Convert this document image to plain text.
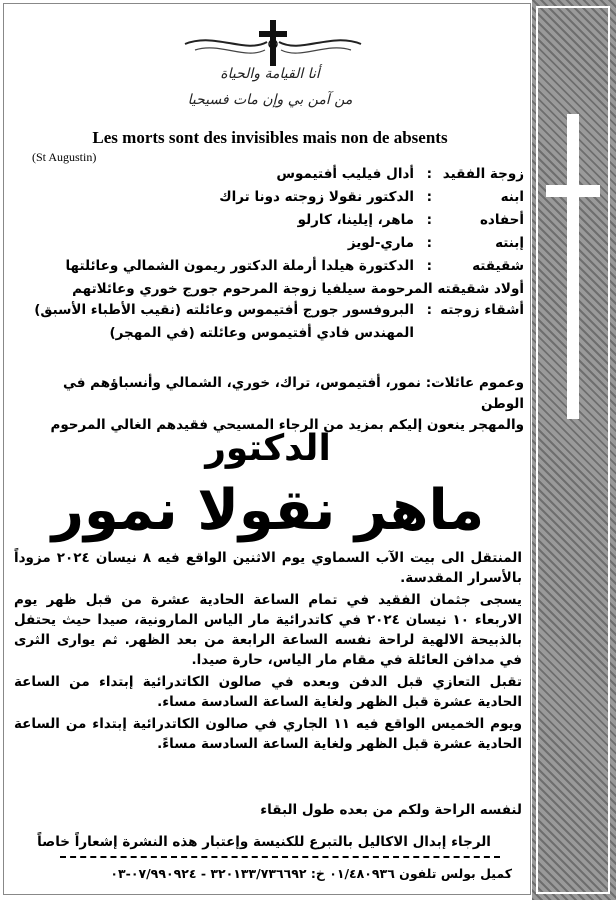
أنا القيامة والحياة
من آمن بي وإن مات فسيحيا
Les morts sont des invisibles mais non de absents
(St Augustin)
زوجة الفقيد
:
أدال فيليب أفتيموس
ابنه
:
الدكتور نقولا زوجته دونا تراك
أحفاده
:
ماهر، إيلينا، كارلو
إبنته
:
ماري-لويز
شقيقته
:
الدكتورة هيلدا أرملة الدكتور ريمون الشمالي وعائلتها
أولاد شقيقته المرحومة سيلفيا زوجة المرحوم جورج خوري وعائلاتهم
أشقاء زوجته
:
البروفسور جورج أفتيموس وعائلته (نقيب الأطباء الأسبق)
المهندس فادي أفتيموس وعائلته (في المهجر)
وعموم عائلات: نمور، أفتيموس، تراك، خوري، الشمالي وأنسباؤهم في الوطن
والمهجر ينعون إليكم بمزيد من الرجاء المسيحي فقيدهم الغالي المرحوم
الدكتور
ماهر نقولا نمور

المنتقل الى بيت الآب السماوي يوم الاثنين الواقع فيه ٨ نيسان ٢٠٢٤ مزوداً بالأسرار المقدسة.

يسجى جثمان الفقيد في تمام الساعة الحادية عشرة من قبل ظهر يوم الاربعاء ١٠ نيسان ٢٠٢٤ في كاتدرائية مار الياس المارونية، صيدا حيث يحتفل بالذبيحة الالهية لراحة نفسه الساعة الرابعة من بعد الظهر. ثم يوارى الثرى في مدافن العائلة في مقام مار الياس، حارة صيدا.

تقبل التعازي قبل الدفن وبعده في صالون الكاتدرائية إبتداء من الساعة الحادية عشرة قبل الظهر ولغاية الساعة السادسة مساء.

ويوم الخميس الواقع فيه ١١ الجاري في صالون الكاتدرائية إبتداء من الساعة الحادية عشرة قبل الظهر ولغاية الساعة السادسة مساءً.

لنفسه الراحة ولكم من بعده طول البقاء
الرجاء إبدال الاكاليل بالتبرع للكنيسة وإعتبار هذه النشرة إشعاراً خاصاً
كميل بولس تلفون ٠١/٤٨٠٩٣٦ خ: ٣٢٠١٣٣/٧٣٦٦٩٢ - ٠٧/٩٩٠٩٢٤-٠٣
